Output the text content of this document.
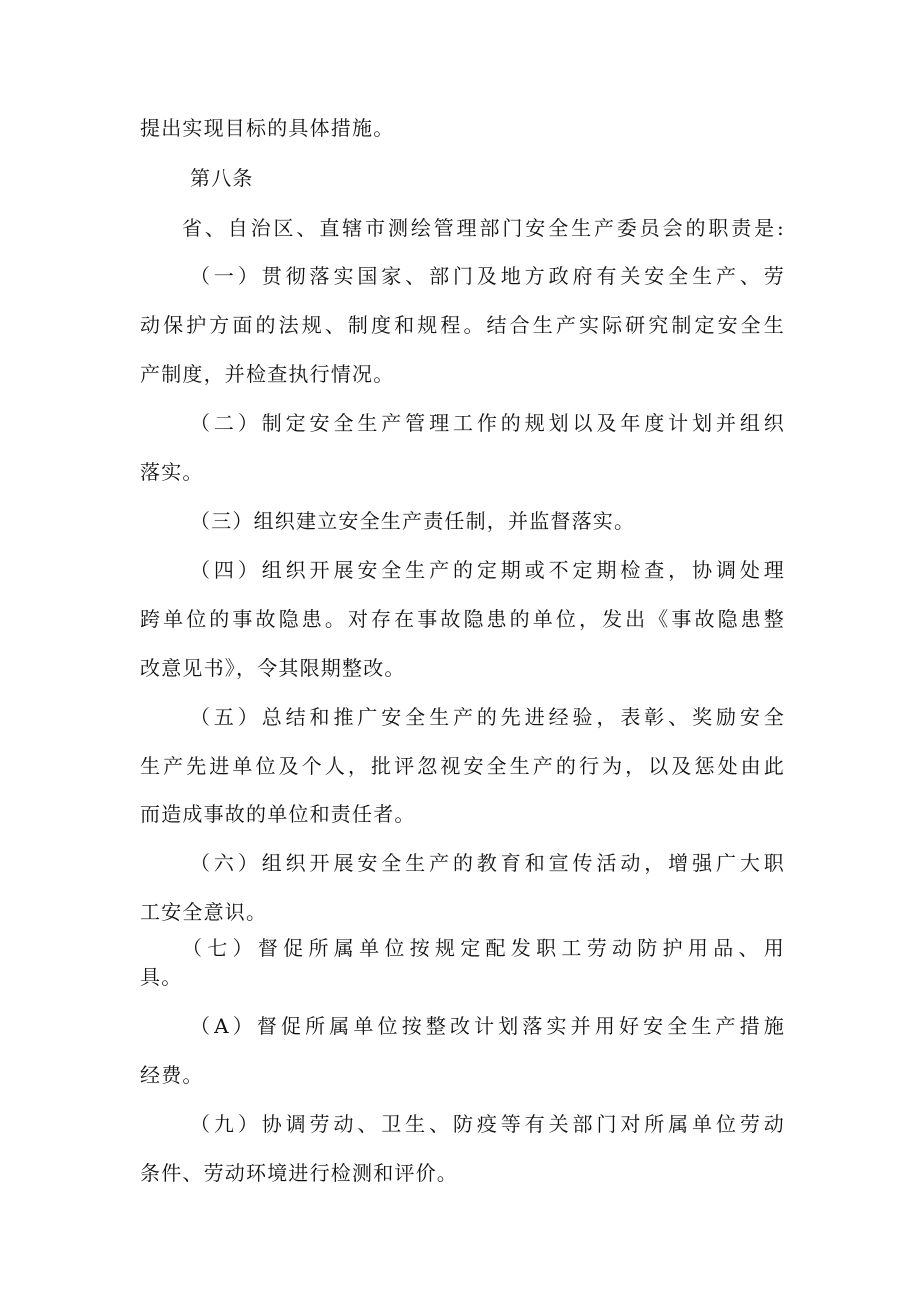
提出实现目标的具体措施。
第八条
省、自治区、直辖市测绘管理部门安全生产委员会的职责是:
（一）贯彻落实国家、部门及地方政府有关安全生产、劳
动保护方面的法规、制度和规程。结合生产实际研究制定安全生
产制度，并检查执行情况。
（二）制定安全生产管理工作的规划以及年度计划并组织
落实。
（三）组织建立安全生产责任制，并监督落实。
（四）组织开展安全生产的定期或不定期检查，协调处理
跨单位的事故隐患。对存在事故隐患的单位，发出《事故隐患整
改意见书》，令其限期整改。
（五）总结和推广安全生产的先进经验，表彰、奖励安全
生产先进单位及个人，批评忽视安全生产的行为，以及惩处由此
而造成事故的单位和责任者。
（六）组织开展安全生产的教育和宣传活动，增强广大职
工安全意识。
（七）督促所属单位按规定配发职工劳动防护用品、用
具。
（A）督促所属单位按整改计划落实并用好安全生产措施
经费。
（九）协调劳动、卫生、防疫等有关部门对所属单位劳动
条件、劳动环境进行检测和评价。
